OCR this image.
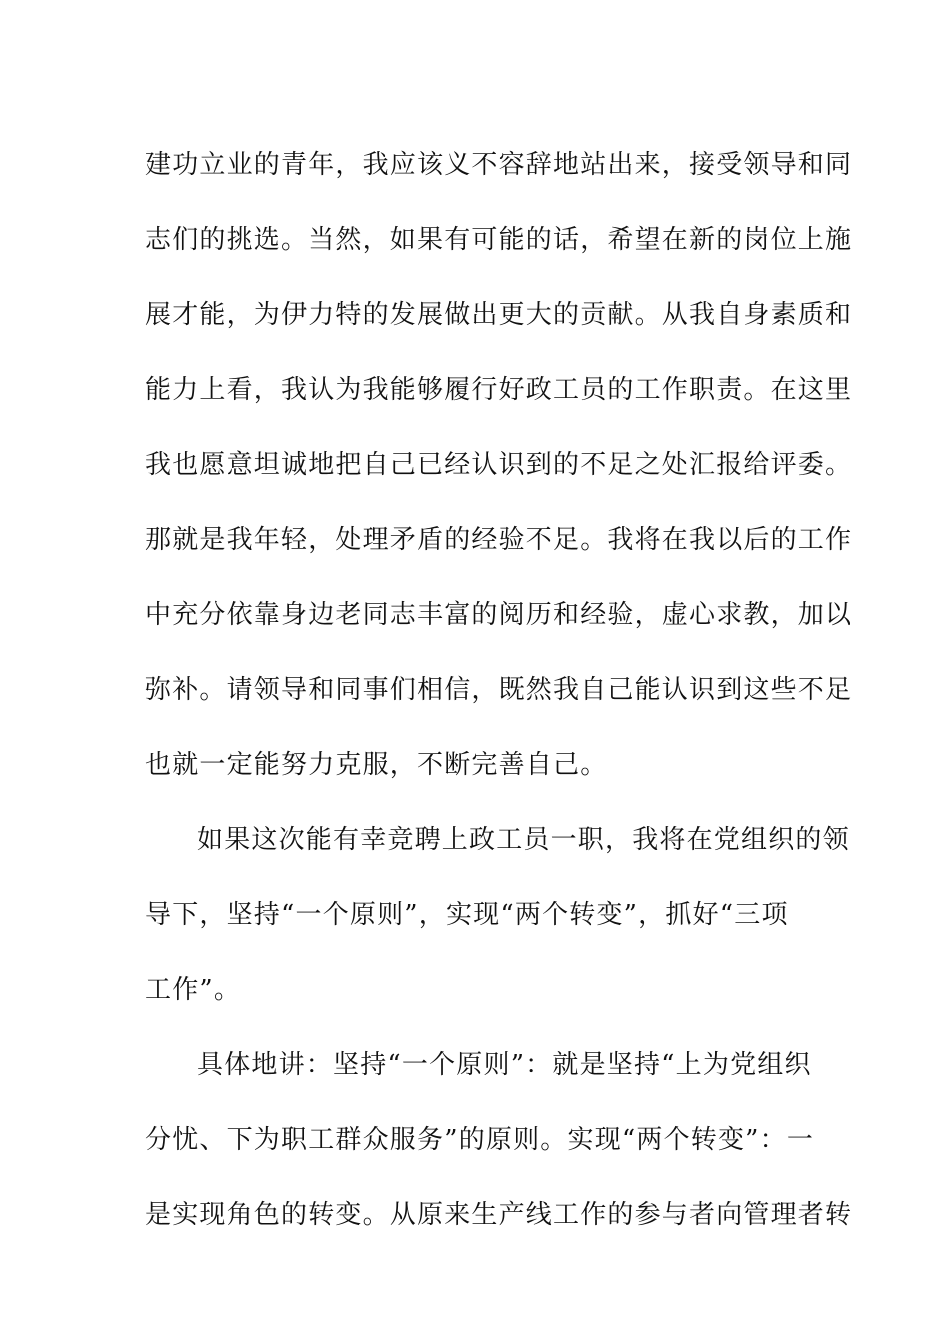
建功立业的青年，我应该义不容辞地站出来，接受领导和同
志们的挑选。当然，如果有可能的话，希望在新的岗位上施
展才能，为伊力特的发展做出更大的贡献。从我自身素质和
能力上看，我认为我能够履行好政工员的工作职责。在这里
我也愿意坦诚地把自己已经认识到的不足之处汇报给评委。
那就是我年轻，处理矛盾的经验不足。我将在我以后的工作
中充分依靠身边老同志丰富的阅历和经验，虚心求教，加以
弥补。请领导和同事们相信，既然我自己能认识到这些不足
也就一定能努力克服，不断完善自己。
如果这次能有幸竞聘上政工员一职，我将在党组织的领
导下，坚持“一个原则”，实现“两个转变”，抓好“三项
工作”。
具体地讲：坚持“一个原则”：就是坚持“上为党组织
分忧、下为职工群众服务”的原则。实现“两个转变”：一
是实现角色的转变。从原来生产线工作的参与者向管理者转
